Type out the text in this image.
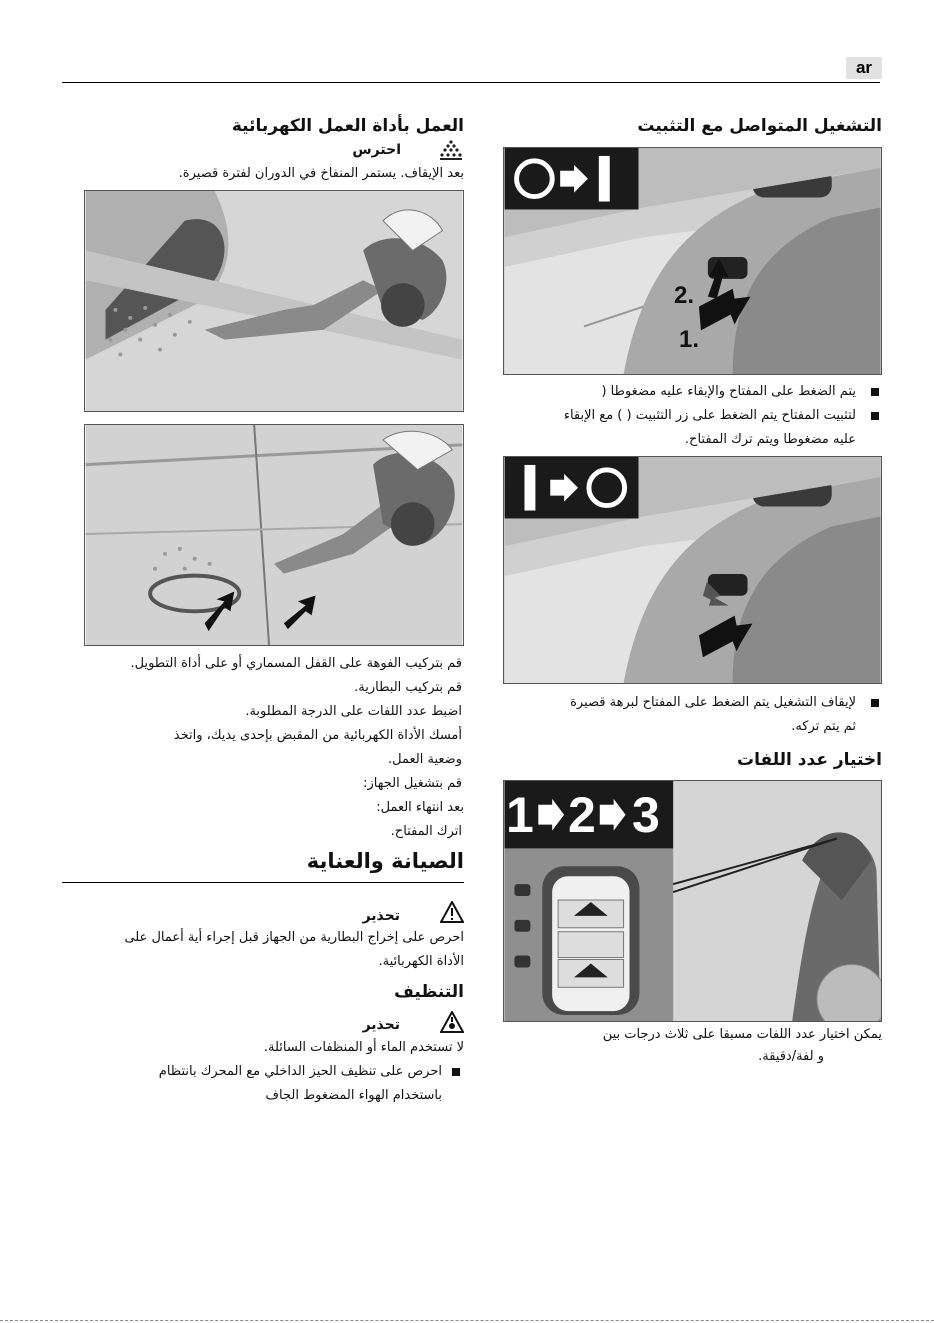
ar
التشغيل المتواصل مع التثبيت
2.
1.
يتم الضغط على المفتاح والإبقاء عليه مضغوطا (
لتثبيت المفتاح يتم الضغط على زر التثبيت ( ) مع الإبقاء
عليه مضغوطا ويتم ترك المفتاح.
لإيقاف التشغيل يتم الضغط على المفتاح لبرهة قصيرة
ثم يتم تركه.
اختيار عدد اللفات
1 2 3
يمكن اختيار عدد اللفات مسبقا على ثلاث درجات بين
و لفة/دقيقة.
العمل بأداة العمل الكهربائية
احترس
بعد الإيقاف. يستمر المنفاخ في الدوران لفترة قصيرة.
قم بتركيب الفوهة على القفل المسماري أو على أداة التطويل.
قم بتركيب البطارية.
اضبط عدد اللفات على الدرجة المطلوبة.
أمسك الأداة الكهربائية من المقبض بإحدى يديك، واتخذ
وضعية العمل.
قم بتشغيل الجهاز:
بعد انتهاء العمل:
اترك المفتاح.
الصيانة والعناية
تحذير
احرص على إخراج البطارية من الجهاز قبل إجراء أية أعمال على
الأداة الكهربائية.
التنظيف
تحذير
لا تستخدم الماء أو المنظفات السائلة.
احرص على تنظيف الحيز الداخلي مع المحرك بانتظام
باستخدام الهواء المضغوط الجاف
